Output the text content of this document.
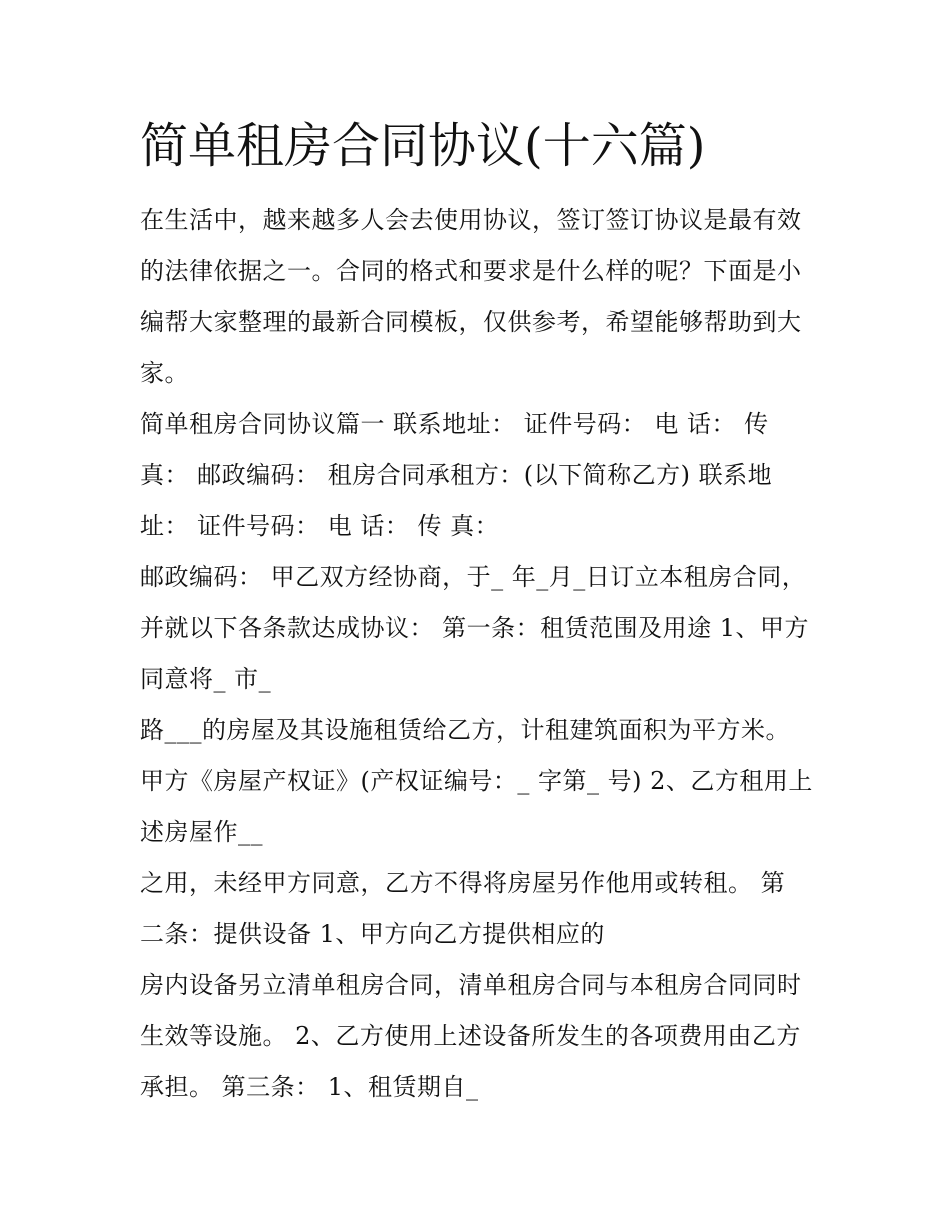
简单租房合同协议(十六篇)
在生活中，越来越多人会去使用协议，签订签订协议是最有效
的法律依据之一。合同的格式和要求是什么样的呢？下面是小
编帮大家整理的最新合同模板，仅供参考，希望能够帮助到大
家。
简单租房合同协议篇一 联系地址： 证件号码： 电 话： 传
真： 邮政编码： 租房合同承租方：(以下简称乙方) 联系地
址： 证件号码： 电 话： 传 真：
邮政编码： 甲乙双方经协商，于_ 年_月_日订立本租房合同，
并就以下各条款达成协议： 第一条：租赁范围及用途 1、甲方
同意将_ 市_
路___的房屋及其设施租赁给乙方，计租建筑面积为平方米。
甲方《房屋产权证》(产权证编号：_ 字第_ 号) 2、乙方租用上
述房屋作__
之用，未经甲方同意，乙方不得将房屋另作他用或转租。 第
二条：提供设备 1、甲方向乙方提供相应的
房内设备另立清单租房合同，清单租房合同与本租房合同同时
生效等设施。 2、乙方使用上述设备所发生的各项费用由乙方
承担。 第三条： 1、租赁期自_
